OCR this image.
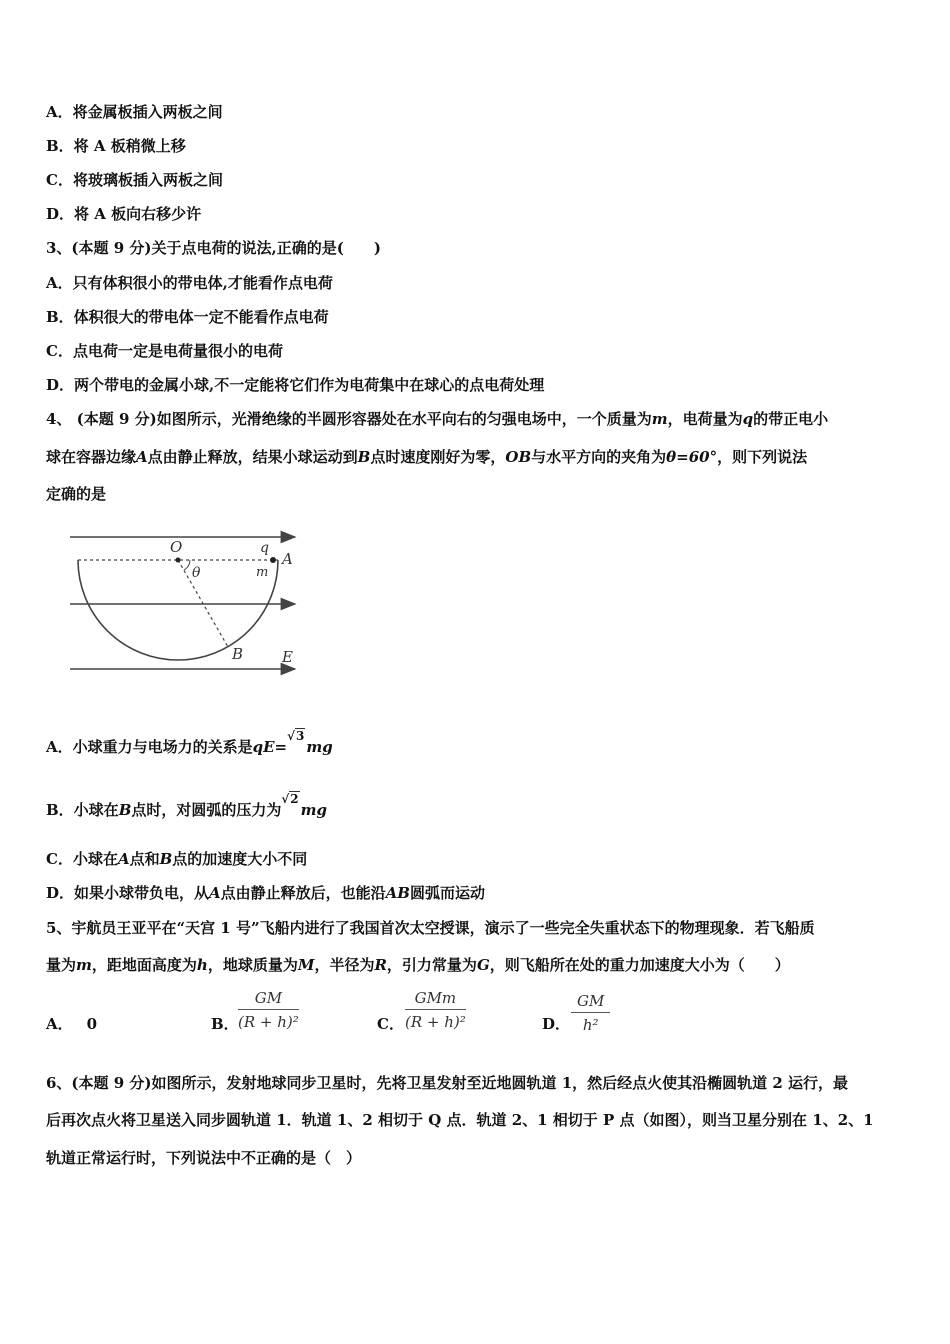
A．将金属板插入两板之间
B．将 A 板稍微上移
C．将玻璃板插入两板之间
D．将 A 板向右移少许
3、(本题 9 分)关于点电荷的说法,正确的是(　　)
A．只有体积很小的带电体,才能看作点电荷
B．体积很大的带电体一定不能看作点电荷
C．点电荷一定是电荷量很小的电荷
D．两个带电的金属小球,不一定能将它们作为电荷集中在球心的点电荷处理
4、 (本题 9 分)如图所示，光滑绝缘的半圆形容器处在水平向右的匀强电场中，一个质量为m，电荷量为q的带正电小
球在容器边缘A点由静止释放，结果小球运动到B点时速度刚好为零，OB与水平方向的夹角为θ=60°，则下列说法
定确的是
O	q
A
θ	m
B	E
A．小球重力与电场力的关系是qE=√3mg
B．小球在B点时，对圆弧的压力为√2mg
C．小球在A点和B点的加速度大小不同
D．如果小球带负电，从A点由静止释放后，也能沿AB圆弧而运动
5、宇航员王亚平在“天宫 1 号”飞船内进行了我国首次太空授课，演示了一些完全失重状态下的物理现象．若飞船质
量为m，距地面高度为h，地球质量为M，半径为R，引力常量为G，则飞船所在处的重力加速度大小为（　　）
A． 0	B． $\frac{GM}{\text{(R + h)²}}$	C．
GMm
(R + h)²	D． $\frac{GM}{\text{h²}}$
6、(本题 9 分)如图所示，发射地球同步卫星时，先将卫星发射至近地圆轨道 1，然后经点火使其沿椭圆轨道 2 运行，最
后再次点火将卫星送入同步圆轨道 1．轨道 1、2 相切于 Q 点．轨道 2、1 相切于 P 点（如图），则当卫星分别在 1、2、1
轨道正常运行时，下列说法中不正确的是（　）
